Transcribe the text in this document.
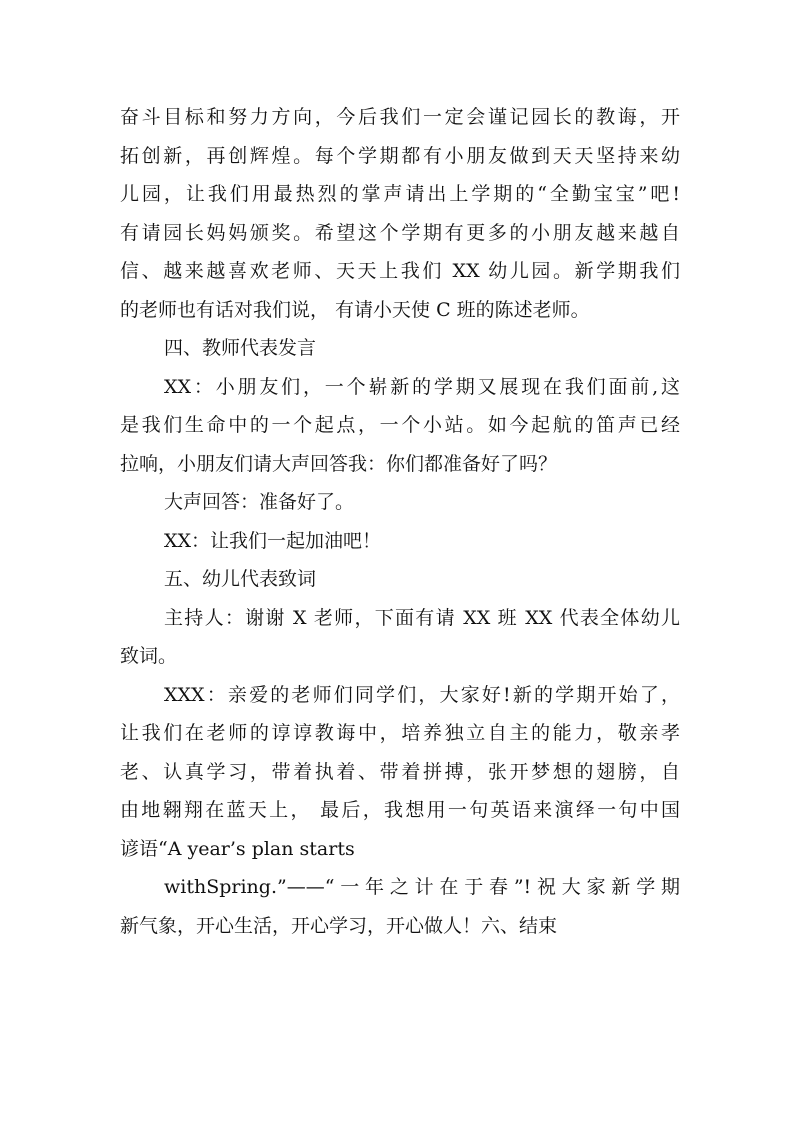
奋斗目标和努力方向，今后我们一定会谨记园长的教诲，开
拓创新，再创辉煌。每个学期都有小朋友做到天天坚持来幼
儿园，让我们用最热烈的掌声请出上学期的“全勤宝宝”吧!
有请园长妈妈颁奖。希望这个学期有更多的小朋友越来越自
信、越来越喜欢老师、天天上我们 XX 幼儿园。新学期我们
的老师也有话对我们说， 有请小天使 C 班的陈述老师。
四、教师代表发言
XX：小朋友们，一个崭新的学期又展现在我们面前,这
是我们生命中的一个起点，一个小站。如今起航的笛声已经
拉响，小朋友们请大声回答我：你们都准备好了吗？
大声回答：准备好了。
XX：让我们一起加油吧！
五、幼儿代表致词
主持人：谢谢 X 老师，下面有请 XX 班 XX 代表全体幼儿
致词。
XXX：亲爱的老师们同学们，大家好!新的学期开始了，
让我们在老师的谆谆教诲中，培养独立自主的能力，敬亲孝
老、认真学习，带着执着、带着拼搏，张开梦想的翅膀，自
由地翱翔在蓝天上， 最后，我想用一句英语来演绎一句中国
谚语“A year’s plan starts
withSpring.”——“一年之计在于春”!祝大家新学期
新气象，开心生活，开心学习，开心做人！六、结束
